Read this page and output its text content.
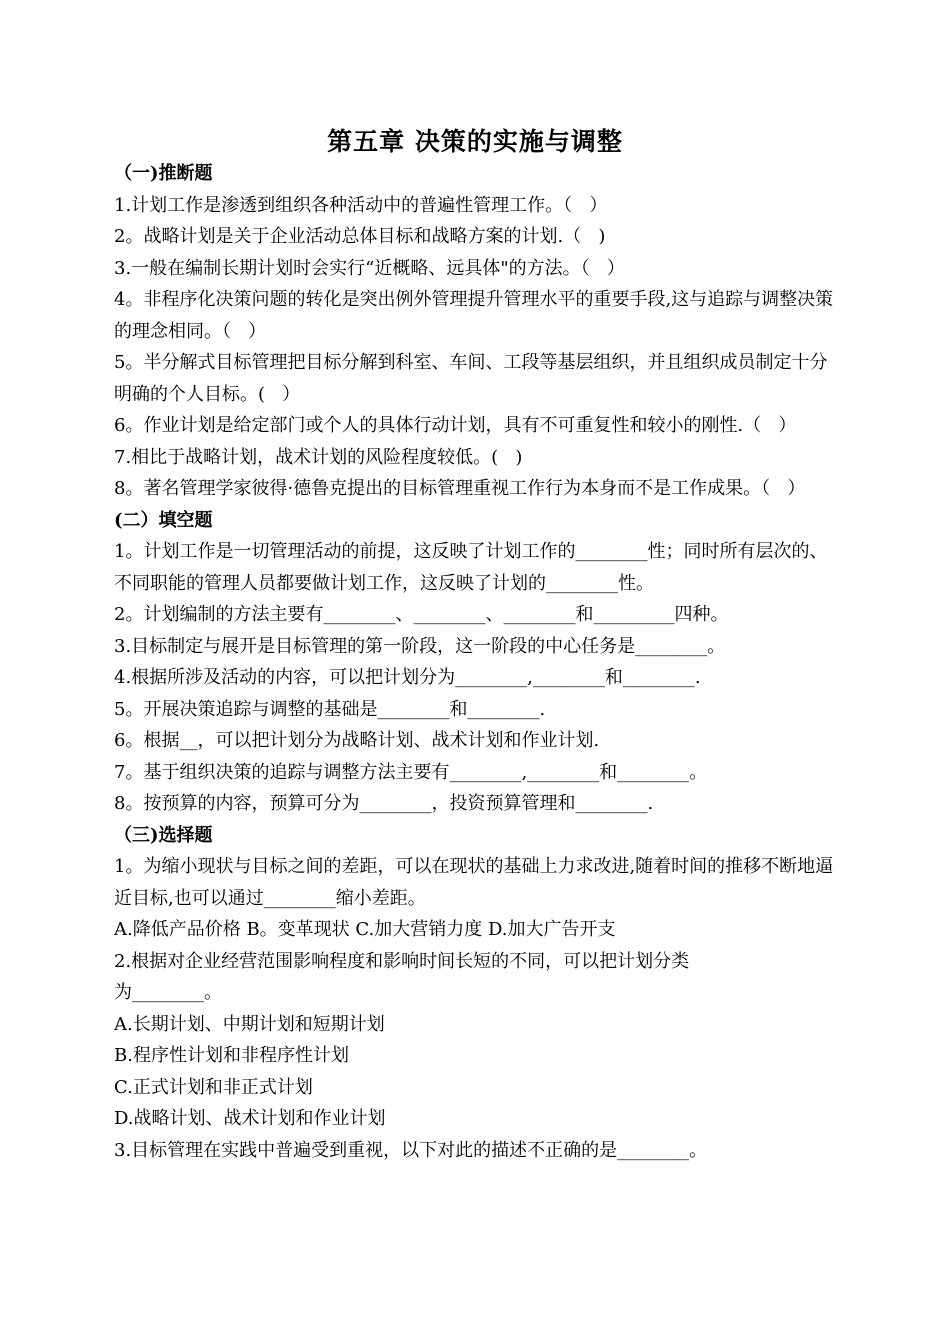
第五章 决策的实施与调整

（一)推断题

1.计划工作是渗透到组织各种活动中的普遍性管理工作。（   ）

2。战略计划是关于企业活动总体目标和战略方案的计划.（   )

3.一般在编制长期计划时会实行“近概略、远具体"的方法。（   ）

4。非程序化决策问题的转化是突出例外管理提升管理水平的重要手段,这与追踪与调整决策的理念相同。（   ）

5。半分解式目标管理把目标分解到科室、车间、工段等基层组织，并且组织成员制定十分明确的个人目标。(   ）

6。作业计划是给定部门或个人的具体行动计划，具有不可重复性和较小的刚性.（   ）

7.相比于战略计划，战术计划的风险程度较低。(   )

8。著名管理学家彼得·德鲁克提出的目标管理重视工作行为本身而不是工作成果。（   ）

(二）填空题

1。计划工作是一切管理活动的前提，这反映了计划工作的________性；同时所有层次的、不同职能的管理人员都要做计划工作，这反映了计划的________性。

2。计划编制的方法主要有________、________、________和_________四种。

3.目标制定与展开是目标管理的第一阶段，这一阶段的中心任务是________。

4.根据所涉及活动的内容，可以把计划分为________,________和________.

5。开展决策追踪与调整的基础是________和________.

6。根据__，可以把计划分为战略计划、战术计划和作业计划.

7。基于组织决策的追踪与调整方法主要有________,________和________。

8。按预算的内容，预算可分为________，投资预算管理和________.

（三)选择题

1。为缩小现状与目标之间的差距，可以在现状的基础上力求改进,随着时间的推移不断地逼近目标,也可以通过________缩小差距。

A.降低产品价格 B。变革现状 C.加大营销力度 D.加大广告开支

2.根据对企业经营范围影响程度和影响时间长短的不同，可以把计划分类

为________。

A.长期计划、中期计划和短期计划

B.程序性计划和非程序性计划

C.正式计划和非正式计划

D.战略计划、战术计划和作业计划

3.目标管理在实践中普遍受到重视，以下对此的描述不正确的是________。
